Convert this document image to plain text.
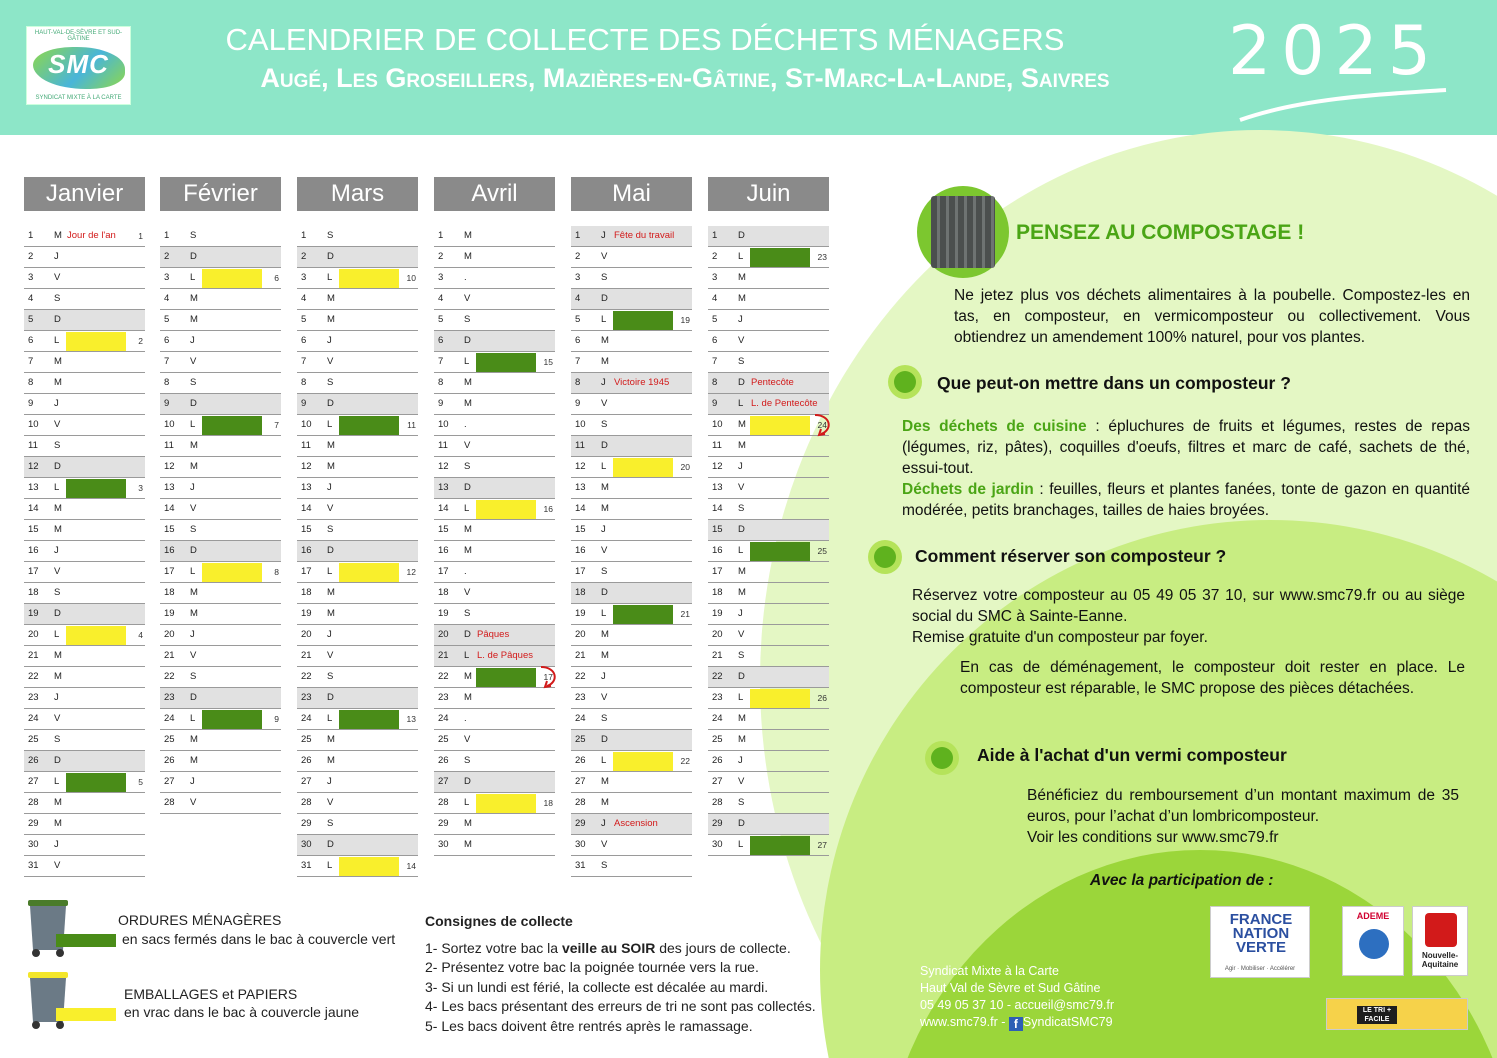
HAUT-VAL-DE-SÈVRE ET SUD-GÂTINE
SMC
SYNDICAT MIXTE À LA CARTE
CALENDRIER DE COLLECTE DES DÉCHETS MÉNAGERS
Augé, Les Groseillers, Mazières-en-Gâtine, St-Marc-La-Lande, Saivres	2025
Janvier
1	M Jour de l'an	1
2	J
3	V
4	S
5	D
6	L	2
7	M
8	M
9	J
10	V
11	S
12	D
13	L	3
14	M
15	M
16	J
17	V
18	S
19	D
20	L	4
21	M
22	M
23	J
24	V
25	S
26	D
27	L	5
28	M
29	M
30	J
31	V
Février
1	S
2	D
3	L	6
4	M
5	M
6	J
7	V
8	S
9	D
10	L	7
11	M
12	M
13	J
14	V
15	S
16	D
17	L	8
18	M
19	M
20	J
21	V
22	S
23	D
24	L	9
25	M
26	M
27	J
28	V
Mars
1	S
2	D
3	L	10
4	M
5	M
6	J
7	V
8	S
9	D
10	L	11
11	M
12	M
13	J
14	V
15	S
16	D
17	L	12
18	M
19	M
20	J
21	V
22	S
23	D
24	L	13
25	M
26	M
27	J
28	V
29	S
30	D
31	L	14
Avril
1	M
2	M
3	.
4	V
5	S
6	D
7	L	15
8	M
9	M
10	.
11	V
12	S
13	D
14	L	16
15	M
16	M
17	.
18	V
19	S
20	D Pâques
21	L L. de Pâques
22	M	17
23	M
24	.
25	V
26	S
27	D
28	L	18
29	M
30	M
Mai
1	J Fête du travail
2	V
3	S
4	D
5	L	19
6	M
7	M
8	J Victoire 1945
9	V
10	S
11	D
12	L	20
13	M
14	M
15	J
16	V
17	S
18	D
19	L	21
20	M
21	M
22	J
23	V
24	S
25	D
26	L	22
27	M
28	M
29	J Ascension
30	V
31	S
Juin
1	D
2	L	23
3	M
4	M
5	J
6	V
7	S
8	D Pentecôte
9	L L. de Pentecôte
10	M	24
11	M
12	J
13	V
14	S
15	D
16	L	25
17	M
18	M
19	J
20	V
21	S
22	D
23	L	26
24	M
25	M
26	J
27	V
28	S
29	D
30	L	27
ORDURES MÉNAGÈRES
en sacs fermés dans le bac à couvercle vert
EMBALLAGES et PAPIERS
en vrac dans le bac à couvercle jaune
Consignes de collecte
1- Sortez votre bac la veille au SOIR des jours de collecte.
2- Présentez votre bac la poignée tournée vers la rue.
3- Si un lundi est férié, la collecte est décalée au mardi.
4- Les bacs présentant des erreurs de tri ne sont pas collectés.
5- Les bacs doivent être rentrés après le ramassage.
PENSEZ AU COMPOSTAGE !
Ne jetez plus vos déchets alimentaires à la poubelle. Compostez-les en tas, en composteur, en vermicomposteur ou collectivement. Vous obtiendrez un amendement 100% naturel, pour vos plantes.
Que peut-on mettre dans un composteur ?
Des déchets de cuisine : épluchures de fruits et légumes, restes de repas (légumes, riz, pâtes), coquilles d'oeufs, filtres et marc de café, sachets de thé, essui-tout.
Déchets de jardin : feuilles, fleurs et plantes fanées, tonte de gazon en quantité modérée, petits branchages, tailles de haies broyées.
Comment réserver son composteur ?
Réservez votre composteur au 05 49 05 37 10, sur www.smc79.fr ou au siège social du SMC à Sainte-Eanne.
Remise gratuite d'un composteur par foyer.
En cas de déménagement, le composteur doit rester en place. Le composteur est réparable, le SMC propose des pièces détachées.
Aide à l'achat d'un vermi composteur
Bénéficiez du remboursement d’un montant maximum de 35 euros, pour l’achat d’un lombricomposteur.
Voir les conditions sur www.smc79.fr
Avec la participation de :
FRANCE NATION VERTE
Agir · Mobiliser · Accélérer
ADEME
Nouvelle-Aquitaine
LE TRI + FACILE
Syndicat Mixte à la Carte
Haut Val de Sèvre et Sud Gâtine
05 49 05 37 10 - accueil@smc79.fr
www.smc79.fr - f SyndicatSMC79
